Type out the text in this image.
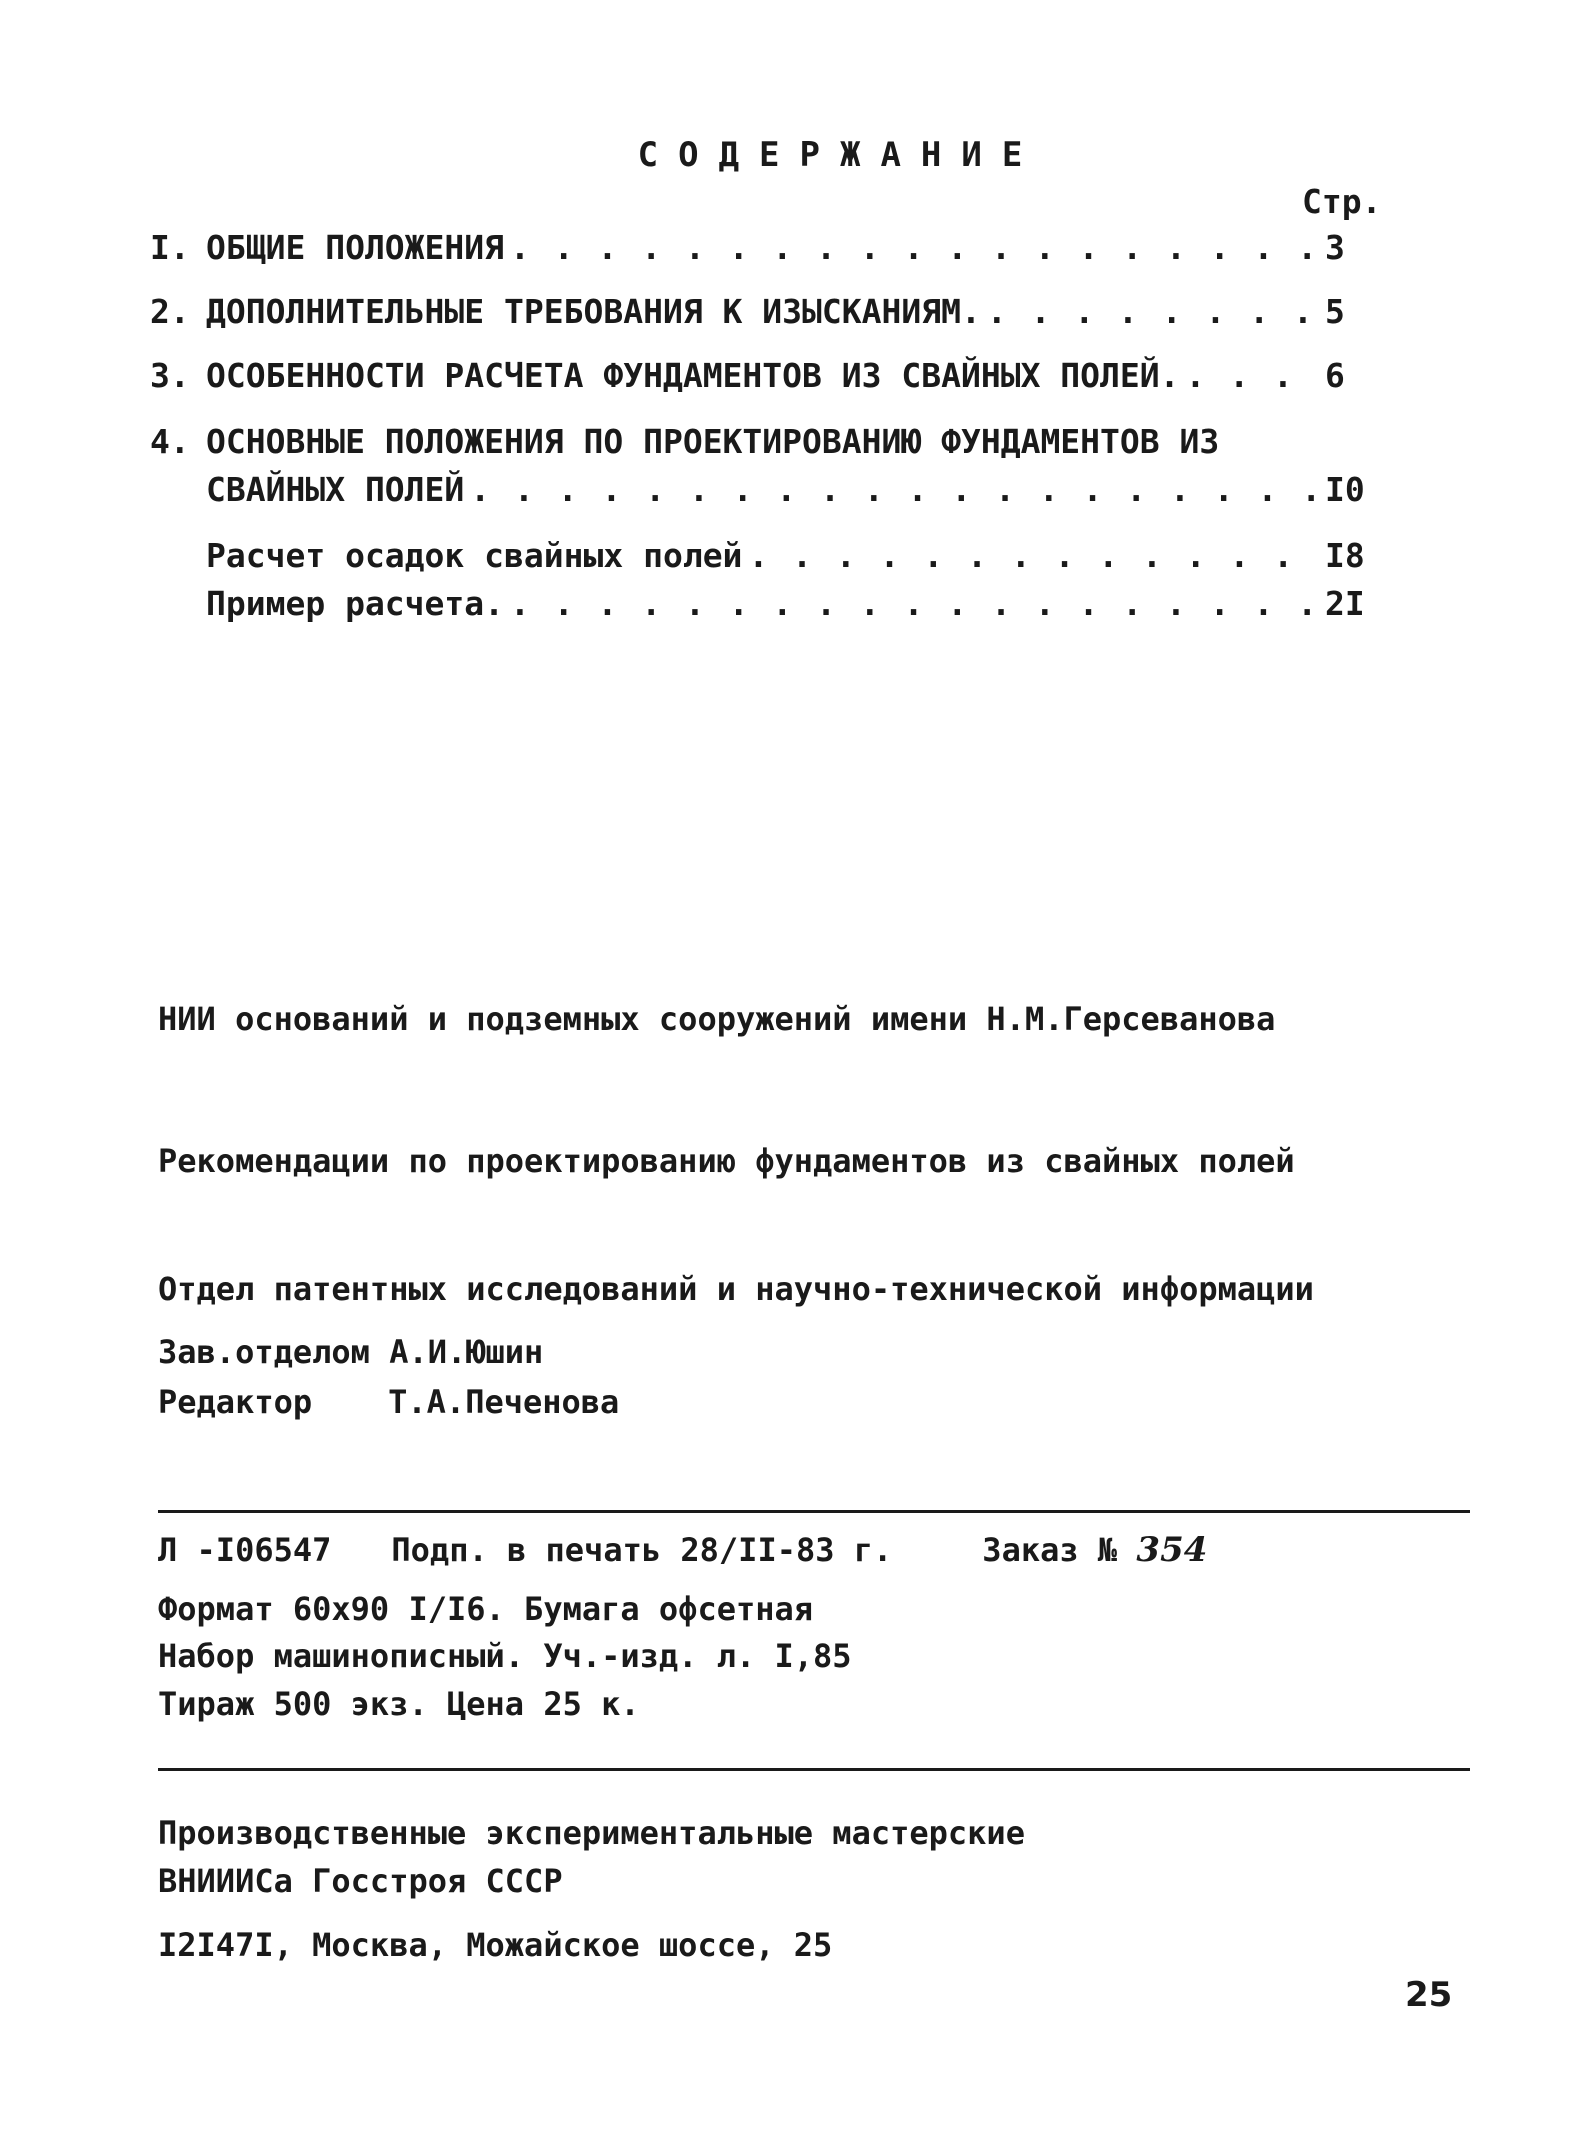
СОДЕРЖАНИЕ
Стр.
I. ОБЩИЕ ПОЛОЖЕНИЯ . . .	3
2. ДОПОЛНИТЕЛЬНЫЕ ТРЕБОВАНИЯ К ИЗЫСКАНИЯМ. . . .	5
3. ОСОБЕННОСТИ РАСЧЕТА ФУНДАМЕНТОВ ИЗ СВАЙНЫХ ПОЛЕЙ. . . .	6
4. ОСНОВНЫЕ ПОЛОЖЕНИЯ ПО ПРОЕКТИРОВАНИЮ ФУНДАМЕНТОВ ИЗ
СВАЙНЫХ ПОЛЕЙ . . .	I0
Расчет осадок свайных полей . . .	I8
Пример расчета. . . .	2I
НИИ оснований и подземных сооружений имени Н.М.Герсеванова
Рекомендации по проектированию фундаментов из свайных полей
Отдел патентных исследований и научно-технической информации
Зав.отделом А.И.Юшин
Редактор Т.А.Печенова
Л -I06547 Подп. в печать 28/II-83 г.	Заказ № 354
Формат 60х90 I/I6. Бумага офсетная
Набор машинописный. Уч.-изд. л. I,85
Тираж 500 экз. Цена 25 к.
Производственные экспериментальные мастерские
ВНИИИСа Госстроя СССР
I2I47I, Москва, Можайское шоссе, 25
25
